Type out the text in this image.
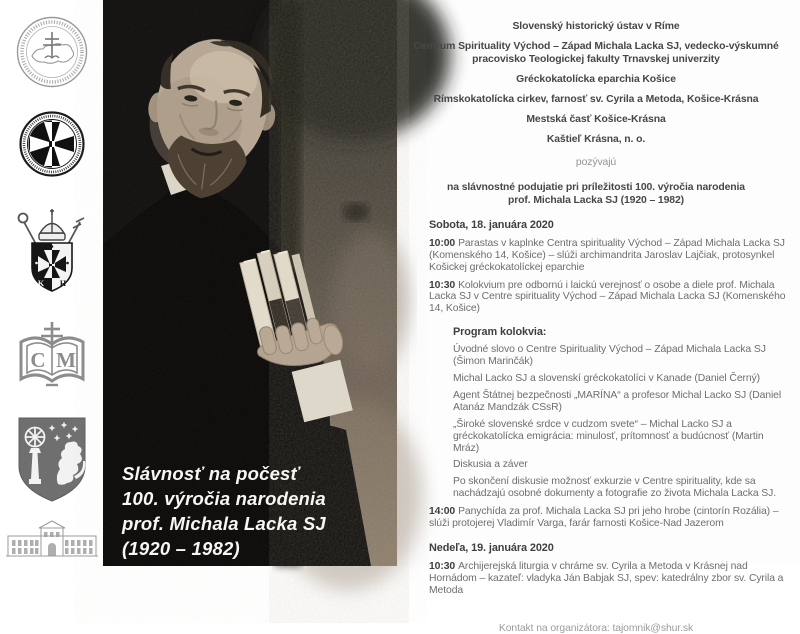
K H
C M
Slávnosť na počesť
100. výročia narodenia
prof. Michala Lacka SJ
(1920 – 1982)
Slovenský historický ústav v Ríme
Centrum Spirituality Východ – Západ Michala Lacka SJ, vedecko-výskumné pracovisko Teologickej fakulty Trnavskej univerzity
Gréckokatolícka eparchia Košice
Rímskokatolícka cirkev, farnosť sv. Cyrila a Metoda, Košice-Krásna
Mestská časť Košice-Krásna
Kaštieľ Krásna, n. o.
pozývajú
na slávnostné podujatie pri príležitosti 100. výročia narodenia
prof. Michala Lacka SJ (1920 – 1982)
Sobota, 18. januára 2020
10:00 Parastas v kaplnke Centra spirituality Východ – Západ Michala Lacka SJ (Komenského 14, Košice) – slúži archimandrita Jaroslav Lajčiak, protosynkel Košickej gréckokatolíckej eparchie
10:30 Kolokvium pre odbornú i laickú verejnosť o osobe a diele prof. Michala Lacka SJ v Centre spirituality Východ – Západ Michala Lacka SJ (Komenského 14, Košice)
Program kolokvia:
Úvodné slovo o Centre Spirituality Východ – Západ Michala Lacka SJ (Šimon Marinčák)
Michal Lacko SJ a slovenskí gréckokatolíci v Kanade (Daniel Černý)
Agent Štátnej bezpečnosti „MARÍNA“ a profesor Michal Lacko SJ (Daniel Atanáz Mandzák CSsR)
„Široké slovenské srdce v cudzom svete“ – Michal Lacko SJ a gréckokatolícka emigrácia: minulosť, prítomnosť a budúcnosť (Martin Mráz)
Diskusia a záver
Po skončení diskusie možnosť exkurzie v Centre spirituality, kde sa nachádzajú osobné dokumenty a fotografie zo života Michala Lacka SJ.
14:00 Panychída za prof. Michala Lacka SJ pri jeho hrobe (cintorín Rozália) – slúži protojerej Vladimír Varga, farár farnosti Košice-Nad Jazerom
Nedeľa, 19. januára 2020
10:30 Archijerejská liturgia v chráme sv. Cyrila a Metoda v Krásnej nad Hornádom – kazateľ: vladyka Ján Babjak SJ, spev: katedrálny zbor sv. Cyrila a Metoda
Kontakt na organizátora: tajomnik@shur.sk
